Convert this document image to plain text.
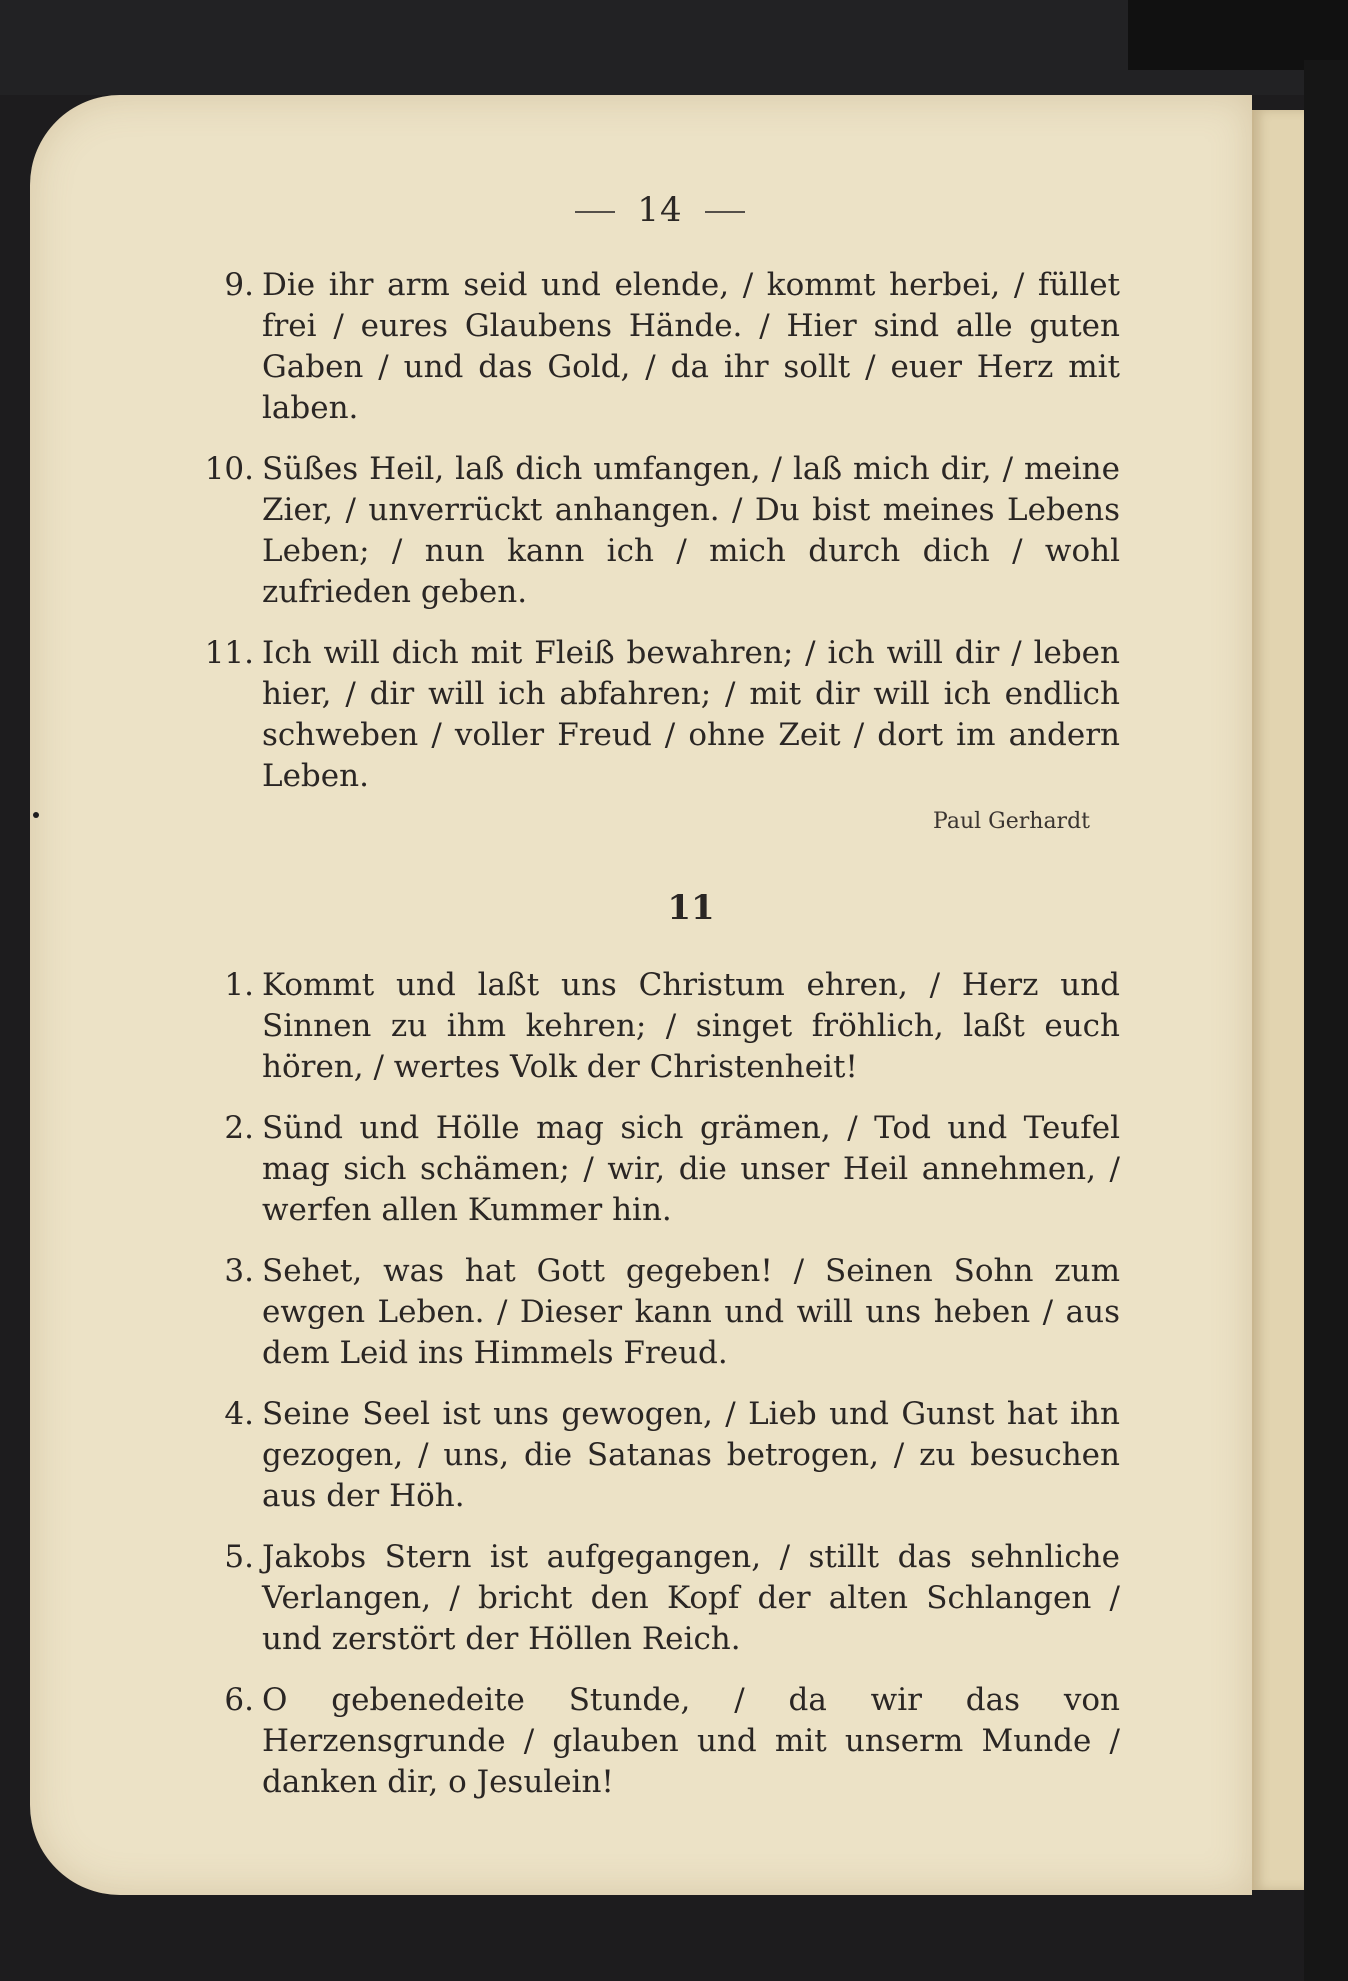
14
9. Die ihr arm seid und elende, / kommt herbei, / füllet frei / eures Glaubens Hände. / Hier sind alle guten Gaben / und das Gold, / da ihr sollt / euer Herz mit laben.
10. Süßes Heil, laß dich umfangen, / laß mich dir, / meine Zier, / unverrückt anhangen. / Du bist meines Lebens Leben; / nun kann ich / mich durch dich / wohl zufrieden geben.
11. Ich will dich mit Fleiß bewahren; / ich will dir / leben hier, / dir will ich abfahren; / mit dir will ich endlich schweben / voller Freud / ohne Zeit / dort im andern Leben.
Paul Gerhardt
11
1. Kommt und laßt uns Christum ehren, / Herz und Sinnen zu ihm kehren; / singet fröhlich, laßt euch hören, / wertes Volk der Christenheit!
2. Sünd und Hölle mag sich grämen, / Tod und Teufel mag sich schämen; / wir, die unser Heil annehmen, / werfen allen Kummer hin.
3. Sehet, was hat Gott gegeben! / Seinen Sohn zum ewgen Leben. / Dieser kann und will uns heben / aus dem Leid ins Himmels Freud.
4. Seine Seel ist uns gewogen, / Lieb und Gunst hat ihn gezogen, / uns, die Satanas betrogen, / zu besuchen aus der Höh.
5. Jakobs Stern ist aufgegangen, / stillt das sehnliche Verlangen, / bricht den Kopf der alten Schlangen / und zerstört der Höllen Reich.
6. O gebenedeite Stunde, / da wir das von Herzensgrunde / glauben und mit unserm Munde / danken dir, o Jesulein!
